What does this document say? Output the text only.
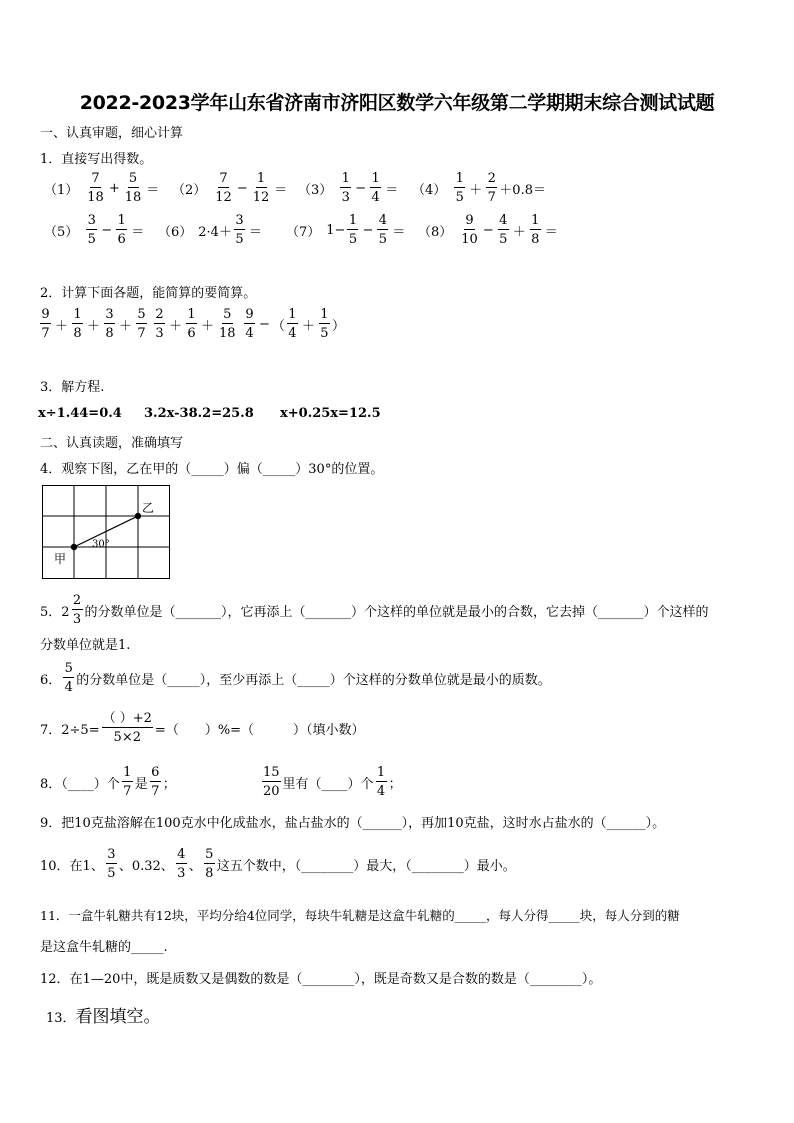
2022-2023学年山东省济南市济阳区数学六年级第二学期期末综合测试试题
一、认真审题，细心计算
1．直接写出得数。
$(1) \frac{7}{18} + \frac{5}{18} = (2) \frac{7}{12} - \frac{1}{12} = (3) \frac{1}{3} - \frac{1}{4} = (4) \frac{1}{5} + \frac{2}{7} +0.8=$
$(5) \frac{3}{5} - \frac{1}{6} = (6)$ $2\cdot 4+ \frac{3}{5} = (7)$ $1- \frac{1}{5} - \frac{4}{5} = (8) \frac{9}{10} - \frac{4}{5} + \frac{1}{8}$ ＝
2．计算下面各题，能简算的要简算。
$\frac{9}{7} + \frac{1}{8} + \frac{3}{8} + \frac{5}{7} \frac{2}{3} + \frac{1}{6} + \frac{5}{18} \frac{9}{4}$ − （ $\frac{1}{4} + \frac{1}{5}$ ）
3．解方程.
x÷1.44=0.4 3.2x-38.2=25.8 x+0.25x=12.5
二、认真读题，准确填写
4．观察下图，乙在甲的（_____）偏（_____）30°的位置。
甲
乙
30°
5．$2 \frac{2}{3}$ 的分数单位是（_______），它再添上（_______）个这样的单位就是最小的合数，它去掉（_______）个这样的
分数单位就是1.
6． $\frac{5}{4}$ 的分数单位是（_____），至少再添上（_____）个这样的分数单位就是最小的质数。
7．$2\div 5= \frac{( )+2}{5\times 2}$ =（　　）%=（　　　）（填小数）
8．（____）个 $\frac{1}{7}$ 是 $\frac{6}{7}$ ；	$\frac{15}{20}$ 里有（____）个 $\frac{1}{4}$ ；
9．把10克盐溶解在100克水中化成盐水，盐占盐水的（______），再加10克盐，这时水占盐水的（______）。
10．在1、 $\frac{3}{5}$ 、0.32、 $\frac{4}{3}$ 、 $\frac{5}{8}$ 这五个数中，（________）最大，（________）最小。
11．一盒牛轧糖共有12块，平均分给4位同学，每块牛轧糖是这盒牛轧糖的_____，每人分得_____块，每人分到的糖
是这盒牛轧糖的_____.
12．在1—20中，既是质数又是偶数的数是（________），既是奇数又是合数的数是（________）。
13． 看图填空。
